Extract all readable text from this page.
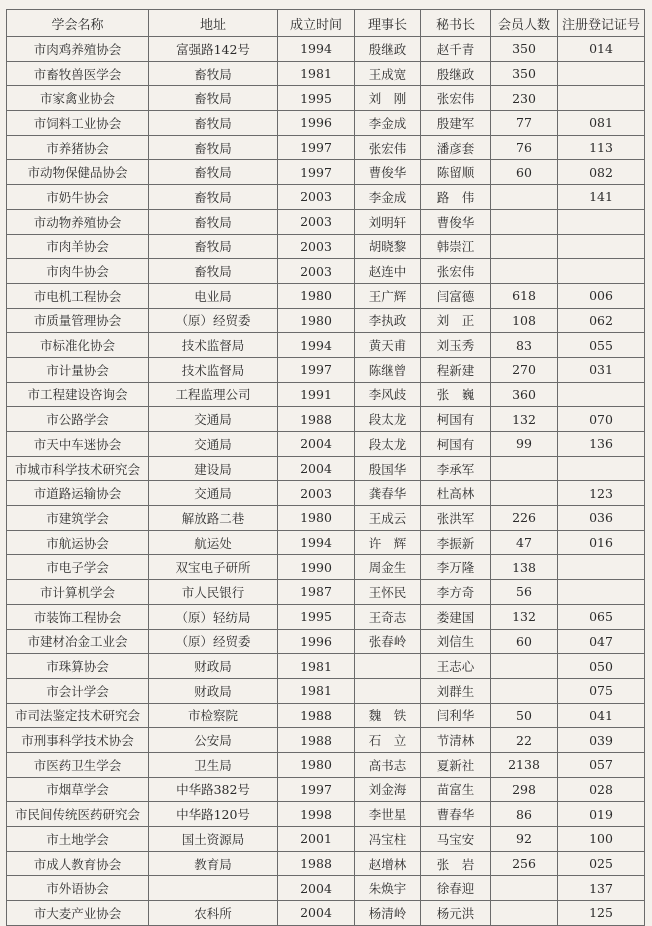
学会名称	地址	成立时间	理事长	秘书长	会员人数	注册登记证号
市肉鸡养殖协会	富强路142号	1994	殷继政	赵千青	350	014
市畜牧兽医学会	畜牧局	1981	王成宽	殷继政	350	
市家禽业协会	畜牧局	1995	刘　刚	张宏伟	230	
市饲料工业协会	畜牧局	1996	李金成	殷建军	77	081
市养猪协会	畜牧局	1997	张宏伟	潘彦套	76	113
市动物保健品协会	畜牧局	1997	曹俊华	陈留顺	60	082
市奶牛协会	畜牧局	2003	李金成	路　伟		141
市动物养殖协会	畜牧局	2003	刘明轩	曹俊华		
市肉羊协会	畜牧局	2003	胡晓黎	韩崇江		
市肉牛协会	畜牧局	2003	赵连中	张宏伟		
市电机工程协会	电业局	1980	王广辉	闫富德	618	006
市质量管理协会	（原）经贸委	1980	李执政	刘　正	108	062
市标准化协会	技术监督局	1994	黄天甫	刘玉秀	83	055
市计量协会	技术监督局	1997	陈继曾	程新建	270	031
市工程建设咨询会	工程监理公司	1991	李风歧	张　巍	360	
市公路学会	交通局	1988	段太龙	柯国有	132	070
市天中车迷协会	交通局	2004	段太龙	柯国有	99	136
市城市科学技术研究会	建设局	2004	殷国华	李承军		
市道路运输协会	交通局	2003	龚春华	杜高林		123
市建筑学会	解放路二巷	1980	王成云	张洪军	226	036
市航运协会	航运处	1994	许　辉	李振新	47	016
市电子学会	双宝电子研所	1990	周金生	李万隆	138	
市计算机学会	市人民银行	1987	王怀民	李方奇	56	
市装饰工程协会	（原）轻纺局	1995	王奇志	娄建国	132	065
市建材冶金工业会	（原）经贸委	1996	张春岭	刘信生	60	047
市珠算协会	财政局	1981		王志心		050
市会计学会	财政局	1981		刘群生		075
市司法鉴定技术研究会	市检察院	1988	魏　铁	闫利华	50	041
市刑事科学技术协会	公安局	1988	石　立	节清林	22	039
市医药卫生学会	卫生局	1980	高书志	夏新社	2138	057
市烟草学会	中华路382号	1997	刘金海	苗富生	298	028
市民间传统医药研究会	中华路120号	1998	李世星	曹春华	86	019
市土地学会	国土资源局	2001	冯宝柱	马宝安	92	100
市成人教育协会	教育局	1988	赵增林	张　岩	256	025
市外语协会		2004	朱焕宇	徐春迎		137
市大麦产业协会	农科所	2004	杨清岭	杨元洪		125
